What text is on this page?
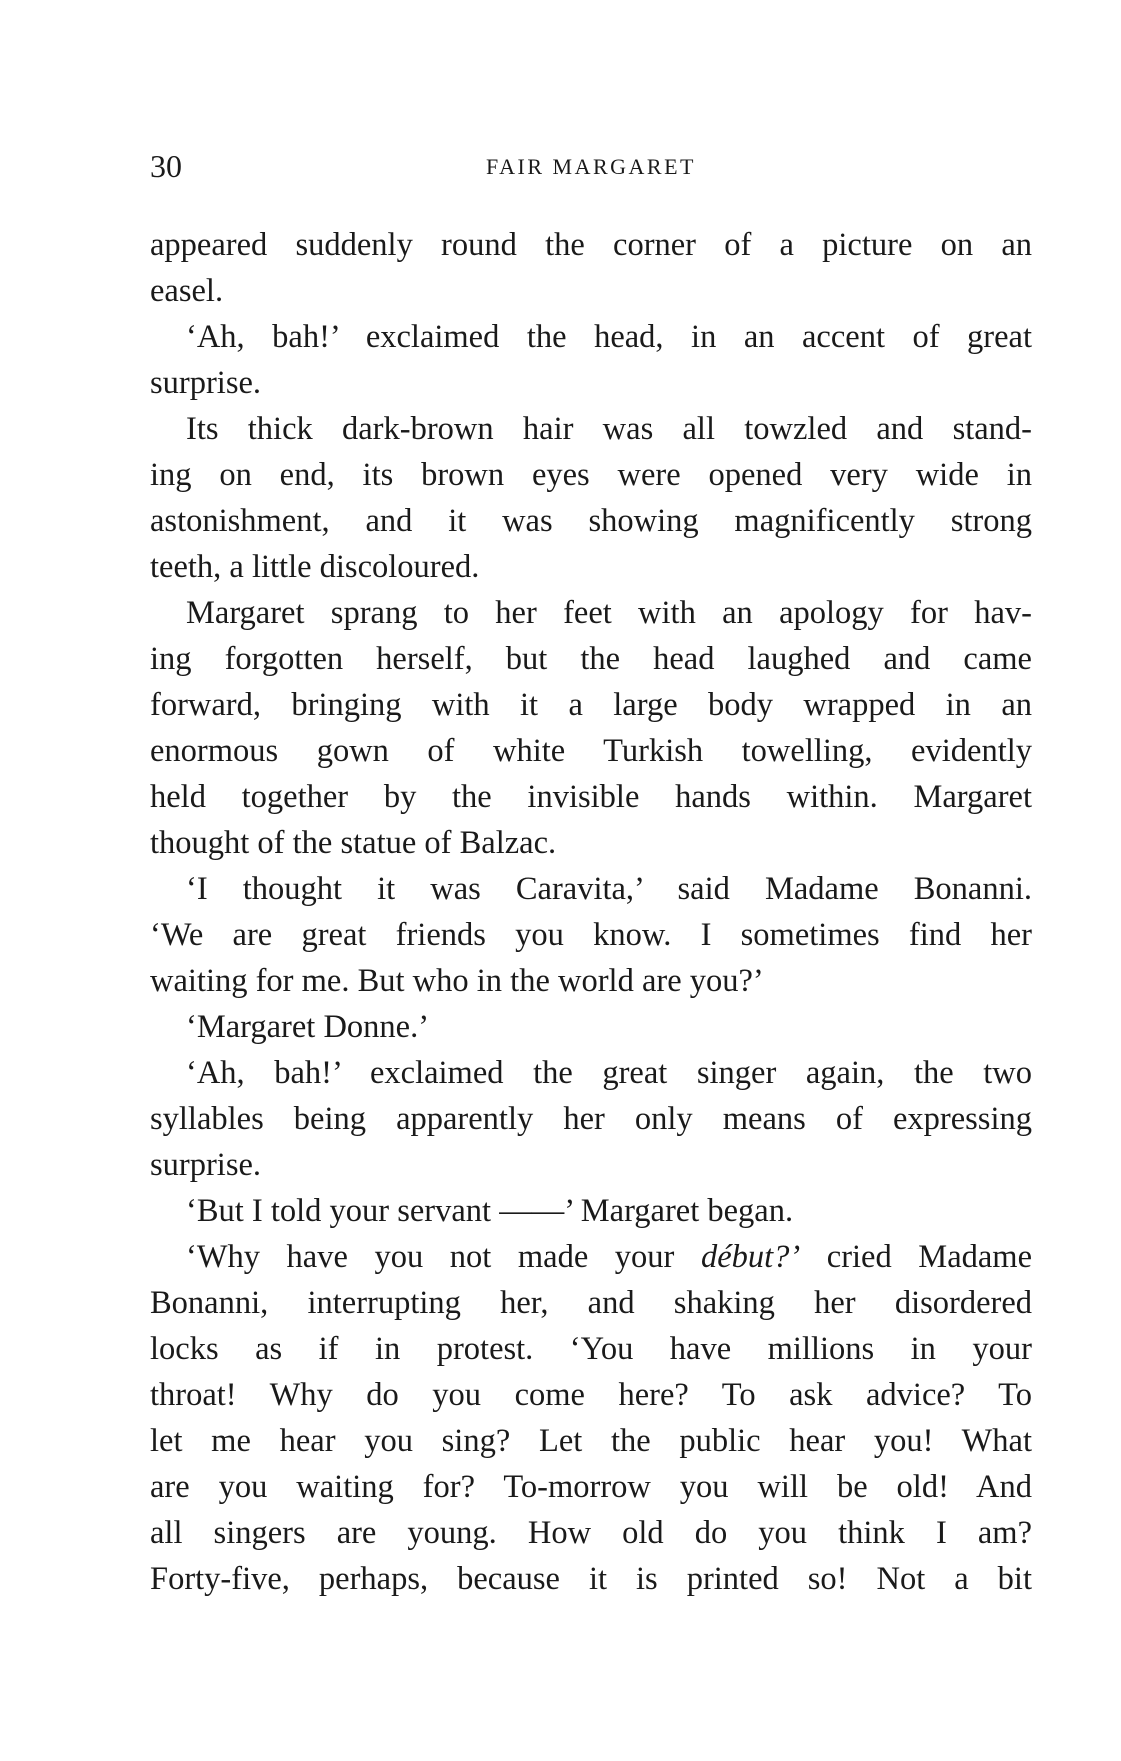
30	FAIR MARGARET
appeared suddenly round the corner of a picture on an
easel.
‘Ah, bah!’ exclaimed the head, in an accent of great
surprise.
Its thick dark-brown hair was all towzled and stand-
ing on end, its brown eyes were opened very wide in
astonishment, and it was showing magnificently strong
teeth, a little discoloured.
Margaret sprang to her feet with an apology for hav-
ing forgotten herself, but the head laughed and came
forward, bringing with it a large body wrapped in an
enormous gown of white Turkish towelling, evidently
held together by the invisible hands within. Margaret
thought of the statue of Balzac.
‘I thought it was Caravita,’ said Madame Bonanni.
‘We are great friends you know. I sometimes find her
waiting for me. But who in the world are you?’
‘Margaret Donne.’
‘Ah, bah!’ exclaimed the great singer again, the two
syllables being apparently her only means of expressing
surprise.
‘But I told your servant ——’ Margaret began.
‘Why have you not made your début?’ cried Madame
Bonanni, interrupting her, and shaking her disordered
locks as if in protest. ‘You have millions in your
throat! Why do you come here? To ask advice? To
let me hear you sing? Let the public hear you! What
are you waiting for? To-morrow you will be old! And
all singers are young. How old do you think I am?
Forty-five, perhaps, because it is printed so! Not a bit
